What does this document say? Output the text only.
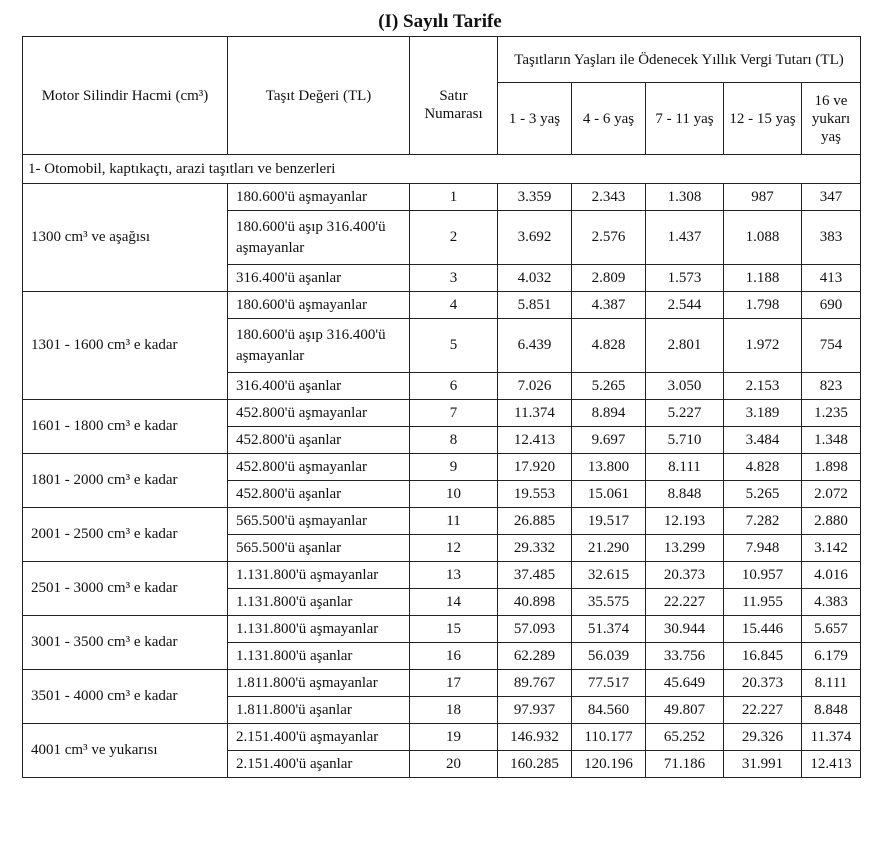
(I) Sayılı Tarife
Motor Silindir Hacmi (cm³)	Taşıt Değeri (TL)	Satır Numarası	Taşıtların Yaşları ile Ödenecek Yıllık Vergi Tutarı (TL)				
			1 - 3 yaş	4 - 6 yaş	7 - 11 yaş	12 - 15 yaş	16 ve yukarı yaş
1- Otomobil, kaptıkaçtı, arazi taşıtları ve benzerleri							
1300 cm³ ve aşağısı	180.600'ü aşmayanlar	1	3.359	2.343	1.308	987	347
	180.600'ü aşıp 316.400'ü aşmayanlar	2	3.692	2.576	1.437	1.088	383
	316.400'ü aşanlar	3	4.032	2.809	1.573	1.188	413
1301 - 1600 cm³ e kadar	180.600'ü aşmayanlar	4	5.851	4.387	2.544	1.798	690
	180.600'ü aşıp 316.400'ü aşmayanlar	5	6.439	4.828	2.801	1.972	754
	316.400'ü aşanlar	6	7.026	5.265	3.050	2.153	823
1601 - 1800 cm³ e kadar	452.800'ü aşmayanlar	7	11.374	8.894	5.227	3.189	1.235
	452.800'ü aşanlar	8	12.413	9.697	5.710	3.484	1.348
1801 - 2000 cm³ e kadar	452.800'ü aşmayanlar	9	17.920	13.800	8.111	4.828	1.898
	452.800'ü aşanlar	10	19.553	15.061	8.848	5.265	2.072
2001 - 2500 cm³ e kadar	565.500'ü aşmayanlar	11	26.885	19.517	12.193	7.282	2.880
	565.500'ü aşanlar	12	29.332	21.290	13.299	7.948	3.142
2501 - 3000 cm³ e kadar	1.131.800'ü aşmayanlar	13	37.485	32.615	20.373	10.957	4.016
	1.131.800'ü aşanlar	14	40.898	35.575	22.227	11.955	4.383
3001 - 3500 cm³ e kadar	1.131.800'ü aşmayanlar	15	57.093	51.374	30.944	15.446	5.657
	1.131.800'ü aşanlar	16	62.289	56.039	33.756	16.845	6.179
3501 - 4000 cm³ e kadar	1.811.800'ü aşmayanlar	17	89.767	77.517	45.649	20.373	8.111
	1.811.800'ü aşanlar	18	97.937	84.560	49.807	22.227	8.848
4001 cm³ ve yukarısı	2.151.400'ü aşmayanlar	19	146.932	110.177	65.252	29.326	11.374
	2.151.400'ü aşanlar	20	160.285	120.196	71.186	31.991	12.413
